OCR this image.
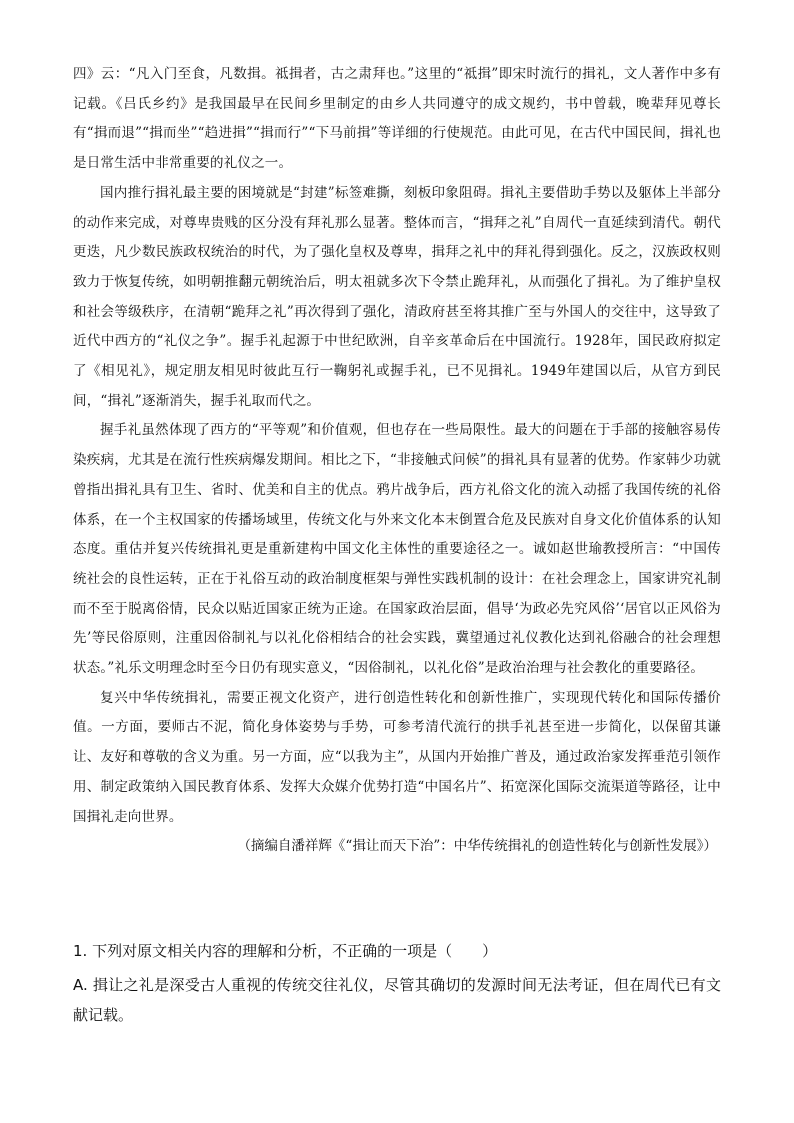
四》云：“凡入门至食，凡数揖。祗揖者，古之肃拜也。”这里的“祗揖”即宋时流行的揖礼，文人著作中多有记载。《吕氏乡约》是我国最早在民间乡里制定的由乡人共同遵守的成文规约，书中曾载，晚辈拜见尊长有“揖而退”“揖而坐”“趋进揖”“揖而行”“下马前揖”等详细的行使规范。由此可见，在古代中国民间，揖礼也是日常生活中非常重要的礼仪之一。

国内推行揖礼最主要的困境就是“封建”标签难撕，刻板印象阻碍。揖礼主要借助手势以及躯体上半部分的动作来完成，对尊卑贵贱的区分没有拜礼那么显著。整体而言，“揖拜之礼”自周代一直延续到清代。朝代更迭，凡少数民族政权统治的时代，为了强化皇权及尊卑，揖拜之礼中的拜礼得到强化。反之，汉族政权则致力于恢复传统，如明朝推翻元朝统治后，明太祖就多次下令禁止跪拜礼，从而强化了揖礼。为了维护皇权和社会等级秩序，在清朝“跪拜之礼”再次得到了强化，清政府甚至将其推广至与外国人的交往中，这导致了近代中西方的“礼仪之争”。握手礼起源于中世纪欧洲，自辛亥革命后在中国流行。1928年，国民政府拟定了《相见礼》，规定朋友相见时彼此互行一鞠躬礼或握手礼，已不见揖礼。1949年建国以后，从官方到民间，“揖礼”逐渐消失，握手礼取而代之。

握手礼虽然体现了西方的“平等观”和价值观，但也存在一些局限性。最大的问题在于手部的接触容易传染疾病，尤其是在流行性疾病爆发期间。相比之下，“非接触式问候”的揖礼具有显著的优势。作家韩少功就曾指出揖礼具有卫生、省时、优美和自主的优点。鸦片战争后，西方礼俗文化的流入动摇了我国传统的礼俗体系，在一个主权国家的传播场域里，传统文化与外来文化本末倒置合危及民族对自身文化价值体系的认知态度。重估并复兴传统揖礼更是重新建构中国文化主体性的重要途径之一。诚如赵世瑜教授所言：“中国传统社会的良性运转，正在于礼俗互动的政治制度框架与弹性实践机制的设计：在社会理念上，国家讲究礼制而不至于脱离俗情，民众以贴近国家正统为正途。在国家政治层面，倡导‘为政必先究风俗’‘居官以正风俗为先’等民俗原则，注重因俗制礼与以礼化俗相结合的社会实践，冀望通过礼仪教化达到礼俗融合的社会理想状态。”礼乐文明理念时至今日仍有现实意义，“因俗制礼，以礼化俗”是政治治理与社会教化的重要路径。

复兴中华传统揖礼，需要正视文化资产，进行创造性转化和创新性推广，实现现代转化和国际传播价值。一方面，要师古不泥，简化身体姿势与手势，可参考清代流行的拱手礼甚至进一步简化，以保留其谦让、友好和尊敬的含义为重。另一方面，应“以我为主”，从国内开始推广普及，通过政治家发挥垂范引领作用、制定政策纳入国民教育体系、发挥大众媒介优势打造“中国名片”、拓宽深化国际交流渠道等路径，让中国揖礼走向世界。

（摘编自潘祥辉《“揖让而天下治”：中华传统揖礼的创造性转化与创新性发展》）

1. 下列对原文相关内容的理解和分析，不正确的一项是（　　）

A. 揖让之礼是深受古人重视的传统交往礼仪，尽管其确切的发源时间无法考证，但在周代已有文献记载。
